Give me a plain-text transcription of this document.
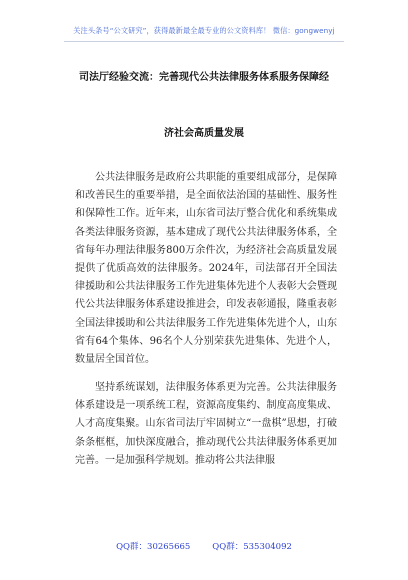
关注头条号“公文研究”，获得最新最全最专业的公文资料库！ 微信：gongwenyj
司法厅经验交流：完善现代公共法律服务体系服务保障经
济社会高质量发展

公共法律服务是政府公共职能的重要组成部分，是保障和改善民生的重要举措，是全面依法治国的基础性、服务性和保障性工作。近年来，山东省司法厅整合优化和系统集成各类法律服务资源，基本建成了现代公共法律服务体系，全省每年办理法律服务800万余件次，为经济社会高质量发展提供了优质高效的法律服务。2024年，司法部召开全国法律援助和公共法律服务工作先进集体先进个人表彰大会暨现代公共法律服务体系建设推进会，印发表彰通报，隆重表彰全国法律援助和公共法律服务工作先进集体先进个人，山东省有64个集体、96名个人分别荣获先进集体、先进个人，数量居全国首位。

坚持系统谋划，法律服务体系更为完善。公共法律服务体系建设是一项系统工程，资源高度集约、制度高度集成、人才高度集聚。山东省司法厅牢固树立“一盘棋”思想，打破条条框框，加快深度融合，推动现代公共法律服务体系更加完善。一是加强科学规划。推动将公共法律服

QQ群：30265665	QQ群：535304092
